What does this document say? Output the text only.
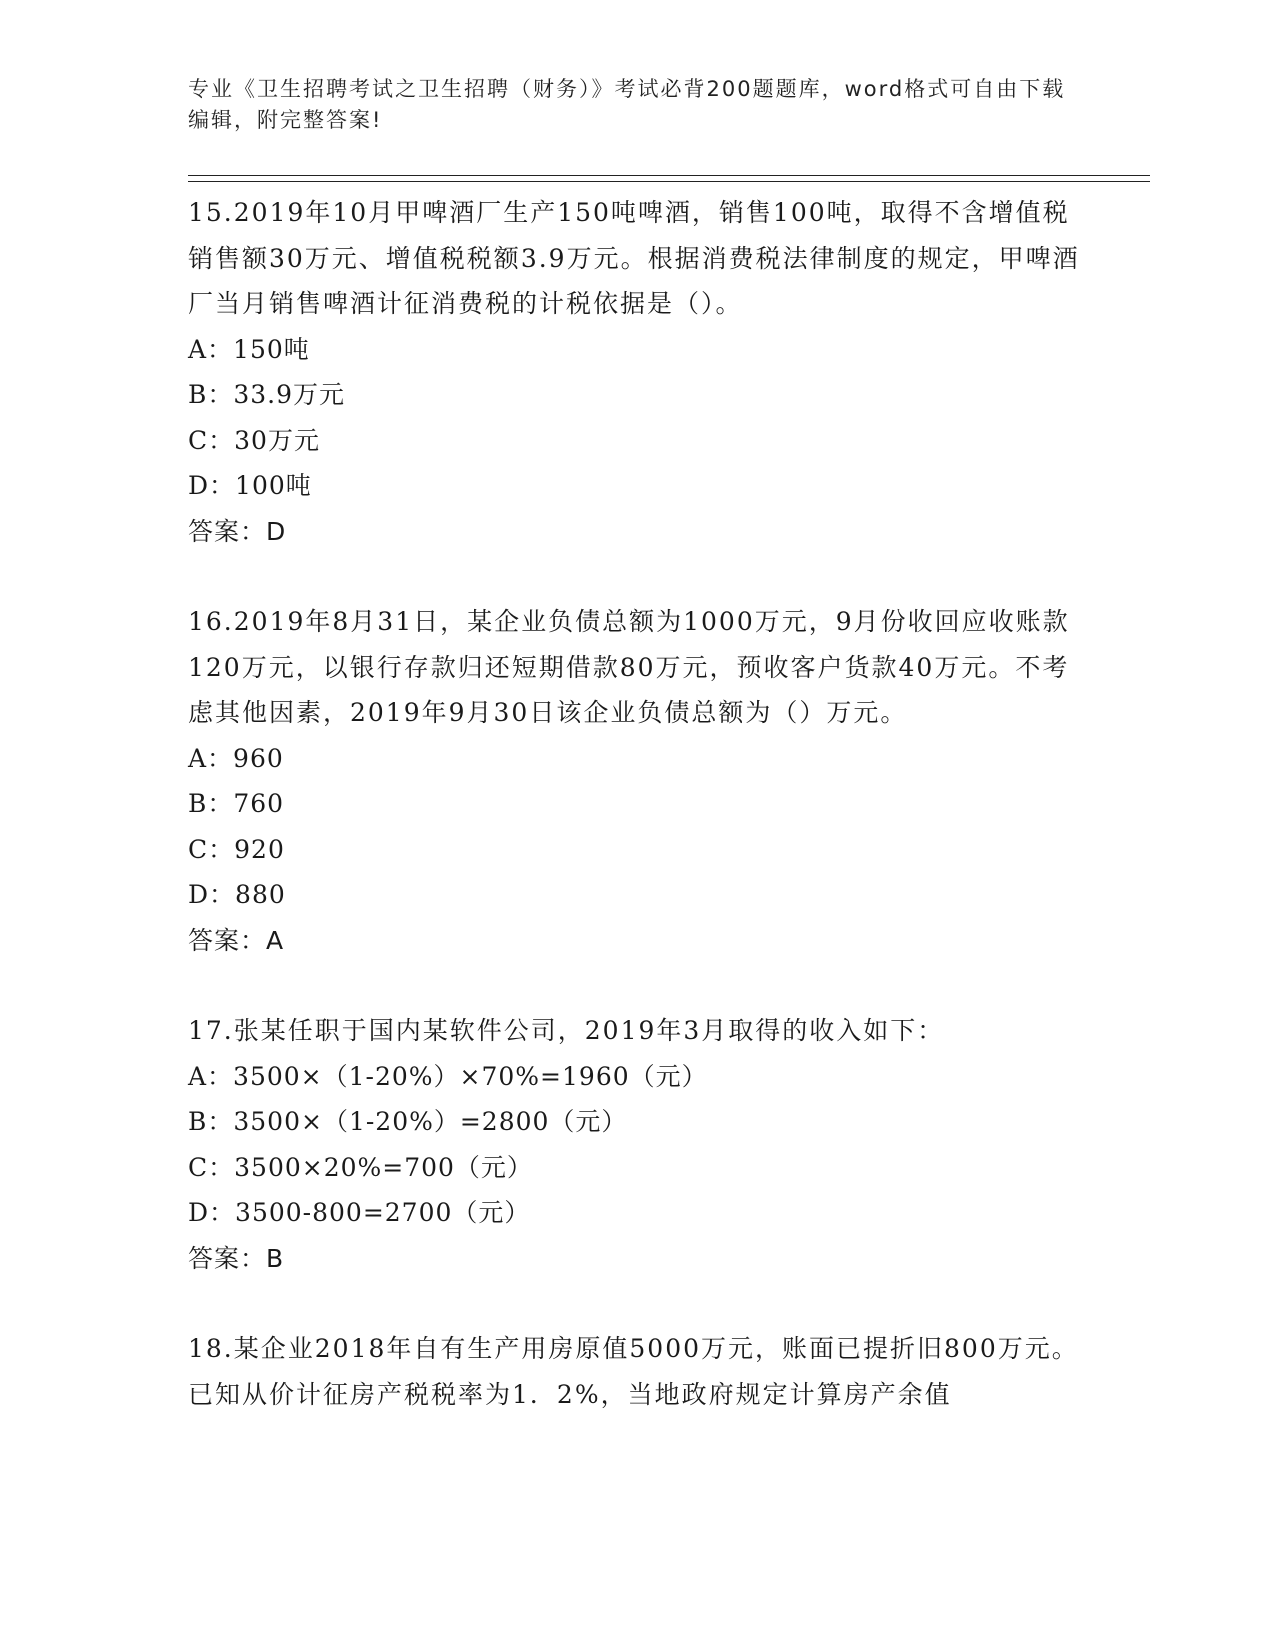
专业《卫生招聘考试之卫生招聘（财务）》考试必背200题题库，word格式可自由下载编辑，附完整答案!

15.2019年10月甲啤酒厂生产150吨啤酒，销售100吨，取得不含增值税销售额30万元、增值税税额3.9万元。根据消费税法律制度的规定，甲啤酒厂当月销售啤酒计征消费税的计税依据是（）。

A：150吨

B：33.9万元

C：30万元

D：100吨

答案：D

16.2019年8月31日，某企业负债总额为1000万元，9月份收回应收账款120万元，以银行存款归还短期借款80万元，预收客户货款40万元。不考虑其他因素，2019年9月30日该企业负债总额为（）万元。

A：960

B：760

C：920

D：880

答案：A

17.张某任职于国内某软件公司，2019年3月取得的收入如下：

A：3500×（1-20%）×70%=1960（元）

B：3500×（1-20%）=2800（元）

C：3500×20%=700（元）

D：3500-800=2700（元）

答案：B

18.某企业2018年自有生产用房原值5000万元，账面已提折旧800万元。已知从价计征房产税税率为1．2%，当地政府规定计算房产余值
